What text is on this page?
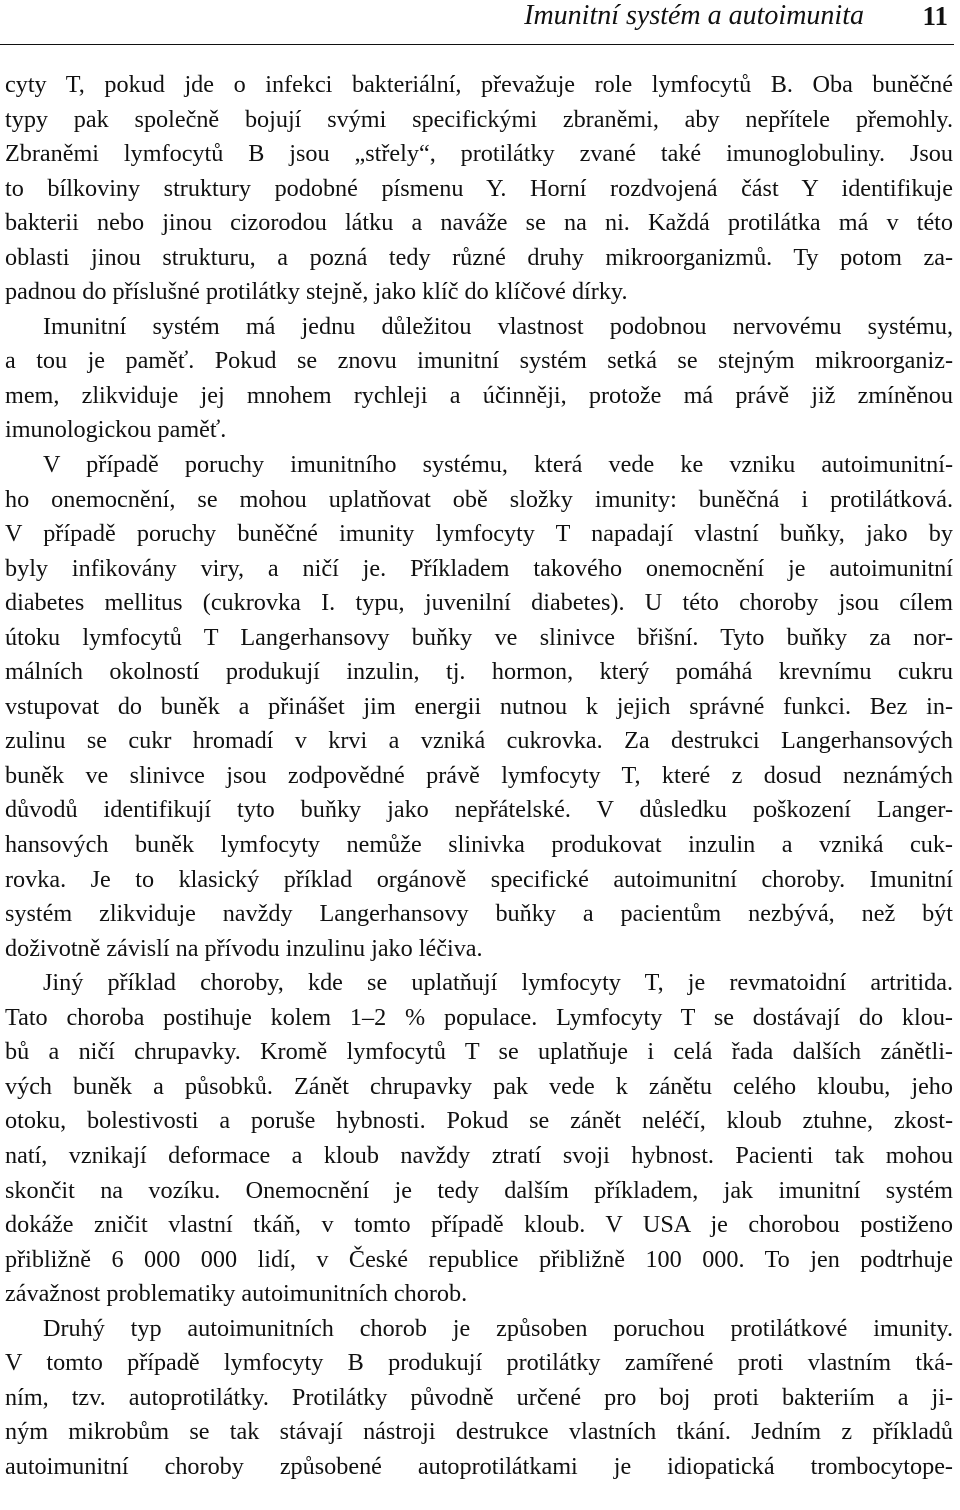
Imunitní systém a autoimunita 11
cyty T, pokud jde o infekci bakteriální, převažuje role lymfocytů B. Oba buněčné
typy pak společně bojují svými specifickými zbraněmi, aby nepřítele přemohly.
Zbraněmi lymfocytů B jsou „střely“, protilátky zvané také imunoglobuliny. Jsou
to bílkoviny struktury podobné písmenu Y. Horní rozdvojená část Y identifikuje
bakterii nebo jinou cizorodou látku a naváže se na ni. Každá protilátka má v této
oblasti jinou strukturu, a pozná tedy různé druhy mikroorganizmů. Ty potom za-
padnou do příslušné protilátky stejně, jako klíč do klíčové dírky.
Imunitní systém má jednu důležitou vlastnost podobnou nervovému systému,
a tou je paměť. Pokud se znovu imunitní systém setká se stejným mikroorganiz-
mem, zlikviduje jej mnohem rychleji a účinněji, protože má právě již zmíněnou
imunologickou paměť.
V případě poruchy imunitního systému, která vede ke vzniku autoimunitní-
ho onemocnění, se mohou uplatňovat obě složky imunity: buněčná i protilátková.
V případě poruchy buněčné imunity lymfocyty T napadají vlastní buňky, jako by
byly infikovány viry, a ničí je. Příkladem takového onemocnění je autoimunitní
diabetes mellitus (cukrovka I. typu, juvenilní diabetes). U této choroby jsou cílem
útoku lymfocytů T Langerhansovy buňky ve slinivce břišní. Tyto buňky za nor-
málních okolností produkují inzulin, tj. hormon, který pomáhá krevnímu cukru
vstupovat do buněk a přinášet jim energii nutnou k jejich správné funkci. Bez in-
zulinu se cukr hromadí v krvi a vzniká cukrovka. Za destrukci Langerhansových
buněk ve slinivce jsou zodpovědné právě lymfocyty T, které z dosud neznámých
důvodů identifikují tyto buňky jako nepřátelské. V důsledku poškození Langer-
hansových buněk lymfocyty nemůže slinivka produkovat inzulin a vzniká cuk-
rovka. Je to klasický příklad orgánově specifické autoimunitní choroby. Imunitní
systém zlikviduje navždy Langerhansovy buňky a pacientům nezbývá, než být
doživotně závislí na přívodu inzulinu jako léčiva.
Jiný příklad choroby, kde se uplatňují lymfocyty T, je revmatoidní artritida.
Tato choroba postihuje kolem 1–2 % populace. Lymfocyty T se dostávají do klou-
bů a ničí chrupavky. Kromě lymfocytů T se uplatňuje i celá řada dalších zánětli-
vých buněk a působků. Zánět chrupavky pak vede k zánětu celého kloubu, jeho
otoku, bolestivosti a poruše hybnosti. Pokud se zánět neléčí, kloub ztuhne, zkost-
natí, vznikají deformace a kloub navždy ztratí svoji hybnost. Pacienti tak mohou
skončit na vozíku. Onemocnění je tedy dalším příkladem, jak imunitní systém
dokáže zničit vlastní tkáň, v tomto případě kloub. V USA je chorobou postiženo
přibližně 6 000 000 lidí, v České republice přibližně 100 000. To jen podtrhuje
závažnost problematiky autoimunitních chorob.
Druhý typ autoimunitních chorob je způsoben poruchou protilátkové imunity.
V tomto případě lymfocyty B produkují protilátky zamířené proti vlastním tká-
ním, tzv. autoprotilátky. Protilátky původně určené pro boj proti bakteriím a ji-
ným mikrobům se tak stávají nástroji destrukce vlastních tkání. Jedním z příkladů
autoimunitní choroby způsobené autoprotilátkami je idiopatická trombocytope-
